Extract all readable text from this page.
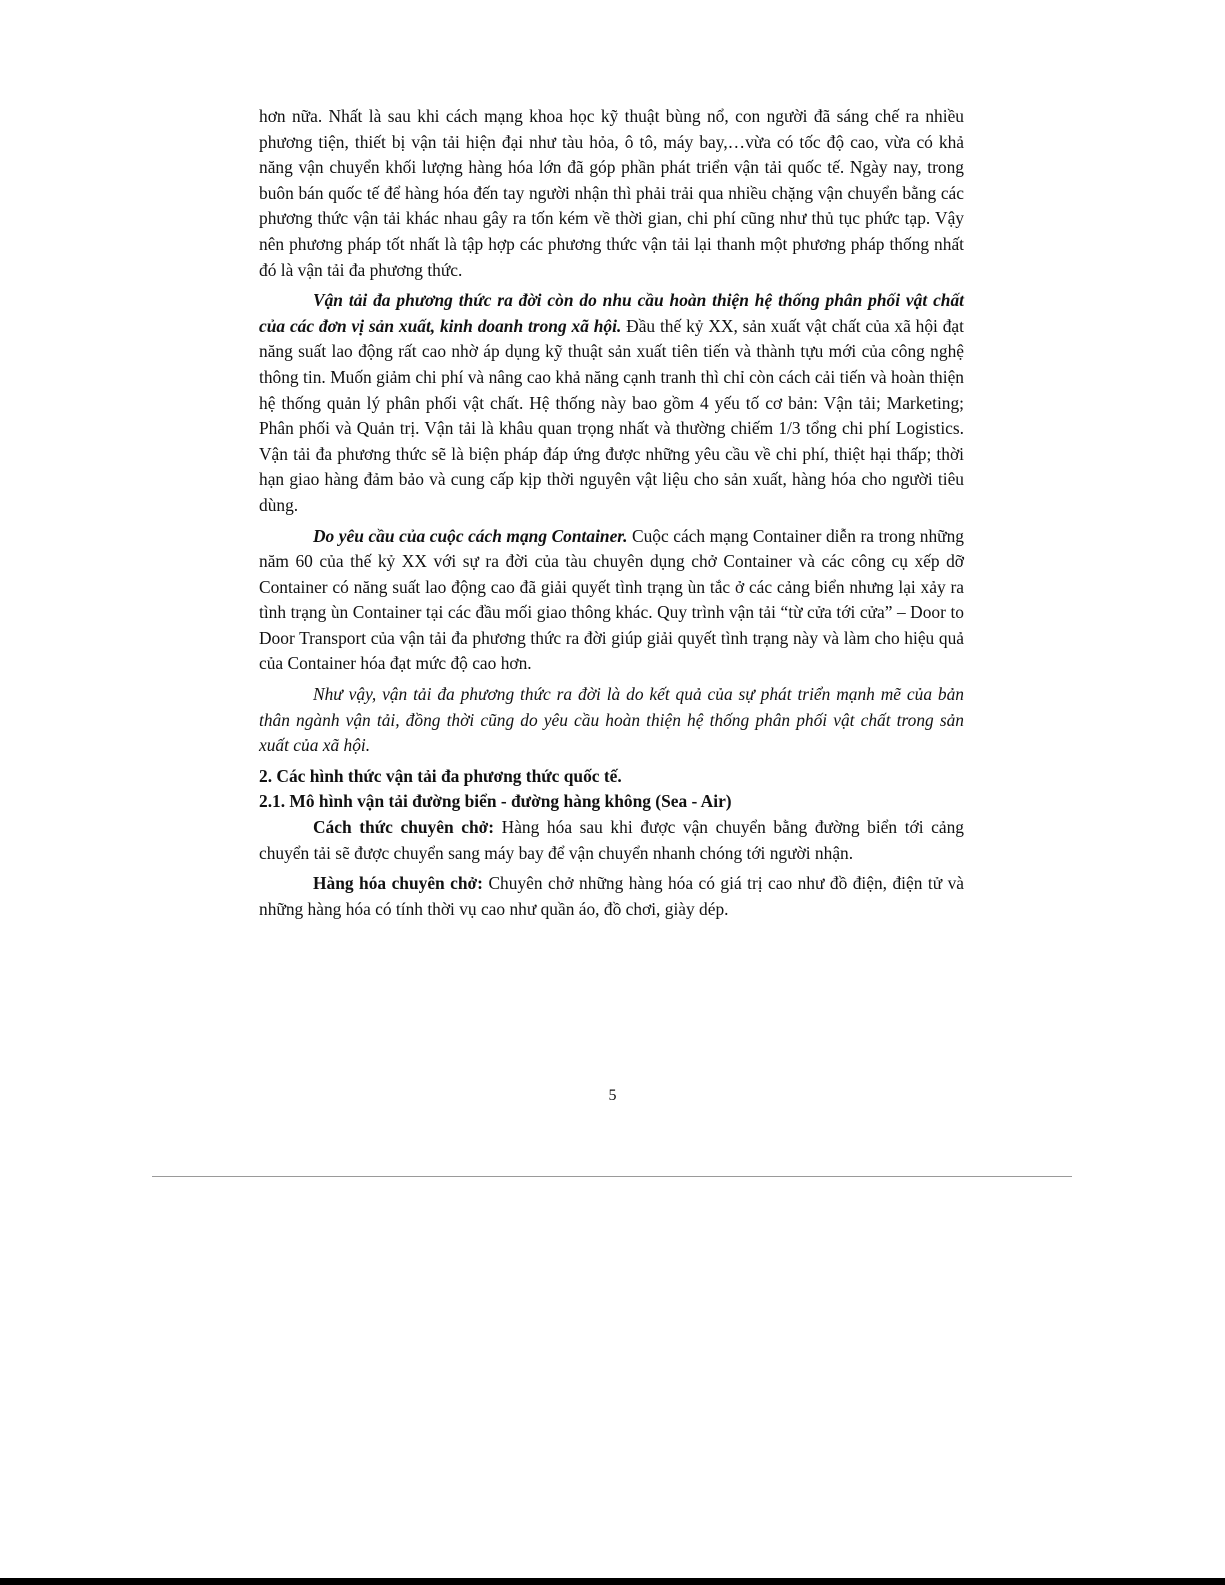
hơn nữa. Nhất là sau khi cách mạng khoa học kỹ thuật bùng nổ, con người đã sáng chế ra nhiều phương tiện, thiết bị vận tải hiện đại như tàu hỏa, ô tô, máy bay,…vừa có tốc độ cao, vừa có khả năng vận chuyển khối lượng hàng hóa lớn đã góp phần phát triển vận tải quốc tế. Ngày nay, trong buôn bán quốc tế để hàng hóa đến tay người nhận thì phải trải qua nhiều chặng vận chuyển bằng các phương thức vận tải khác nhau gây ra tốn kém về thời gian, chi phí cũng như thủ tục phức tạp. Vậy nên phương pháp tốt nhất là tập hợp các phương thức vận tải lại thanh một phương pháp thống nhất đó là vận tải đa phương thức.

Vận tải đa phương thức ra đời còn do nhu cầu hoàn thiện hệ thống phân phối vật chất của các đơn vị sản xuất, kinh doanh trong xã hội. Đầu thế kỷ XX, sản xuất vật chất của xã hội đạt năng suất lao động rất cao nhờ áp dụng kỹ thuật sản xuất tiên tiến và thành tựu mới của công nghệ thông tin. Muốn giảm chi phí và nâng cao khả năng cạnh tranh thì chỉ còn cách cải tiến và hoàn thiện hệ thống quản lý phân phối vật chất. Hệ thống này bao gồm 4 yếu tố cơ bản: Vận tải; Marketing; Phân phối và Quản trị. Vận tải là khâu quan trọng nhất và thường chiếm 1/3 tổng chi phí Logistics. Vận tải đa phương thức sẽ là biện pháp đáp ứng được những yêu cầu về chi phí, thiệt hại thấp; thời hạn giao hàng đảm bảo và cung cấp kịp thời nguyên vật liệu cho sản xuất, hàng hóa cho người tiêu dùng.

Do yêu cầu của cuộc cách mạng Container. Cuộc cách mạng Container diễn ra trong những năm 60 của thế kỷ XX với sự ra đời của tàu chuyên dụng chở Container và các công cụ xếp dỡ Container có năng suất lao động cao đã giải quyết tình trạng ùn tắc ở các cảng biển nhưng lại xảy ra tình trạng ùn Container tại các đầu mối giao thông khác. Quy trình vận tải “từ cửa tới cửa” – Door to Door Transport của vận tải đa phương thức ra đời giúp giải quyết tình trạng này và làm cho hiệu quả của Container hóa đạt mức độ cao hơn.

Như vậy, vận tải đa phương thức ra đời là do kết quả của sự phát triển mạnh mẽ của bản thân ngành vận tải, đồng thời cũng do yêu cầu hoàn thiện hệ thống phân phối vật chất trong sản xuất của xã hội.

2. Các hình thức vận tải đa phương thức quốc tế.
2.1. Mô hình vận tải đường biển - đường hàng không (Sea - Air)

Cách thức chuyên chở: Hàng hóa sau khi được vận chuyển bằng đường biển tới cảng chuyển tải sẽ được chuyển sang máy bay để vận chuyển nhanh chóng tới người nhận.

Hàng hóa chuyên chở: Chuyên chở những hàng hóa có giá trị cao như đồ điện, điện tử và những hàng hóa có tính thời vụ cao như quần áo, đồ chơi, giày dép.

5
